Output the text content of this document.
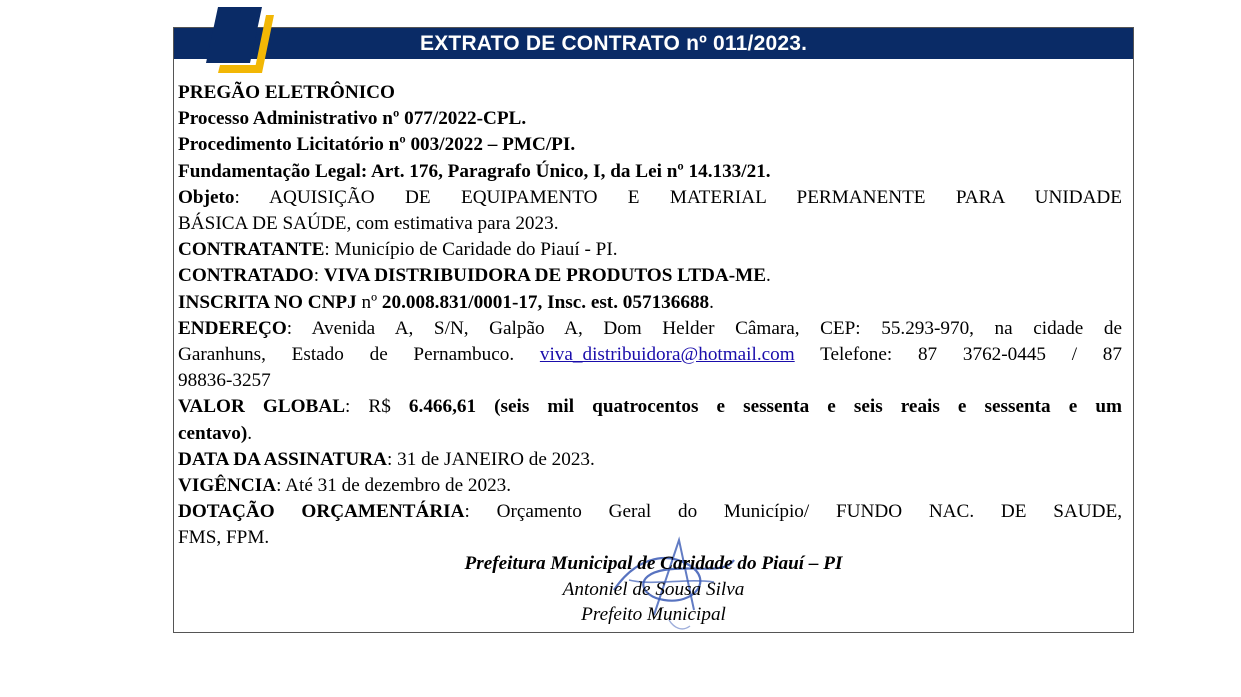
EXTRATO DE CONTRATO nº 011/2023.
PREGÃO ELETRÔNICO
Processo Administrativo nº 077/2022-CPL.
Procedimento Licitatório nº 003/2022 – PMC/PI.
Fundamentação Legal: Art. 176, Paragrafo Único, I, da Lei nº 14.133/21.
Objeto: AQUISIÇÃO DE EQUIPAMENTO E MATERIAL PERMANENTE PARA UNIDADE
BÁSICA DE SAÚDE, com estimativa para 2023.
CONTRATANTE: Município de Caridade do Piauí - PI.
CONTRATADO: VIVA DISTRIBUIDORA DE PRODUTOS LTDA-ME.
INSCRITA NO CNPJ nº 20.008.831/0001-17, Insc. est. 057136688.
ENDEREÇO: Avenida A, S/N, Galpão A, Dom Helder Câmara, CEP: 55.293-970, na cidade de
Garanhuns, Estado de Pernambuco. viva_distribuidora@hotmail.com Telefone: 87 3762-0445 / 87
98836-3257
VALOR GLOBAL: R$ 6.466,61 (seis mil quatrocentos e sessenta e seis reais e sessenta e um
centavo).
DATA DA ASSINATURA: 31 de JANEIRO de 2023.
VIGÊNCIA: Até 31 de dezembro de 2023.
DOTAÇÃO ORÇAMENTÁRIA: Orçamento Geral do Município/ FUNDO NAC. DE SAUDE,
FMS, FPM.
Prefeitura Municipal de Caridade do Piauí – PI
Antoniel de Sousa Silva
Prefeito Municipal
